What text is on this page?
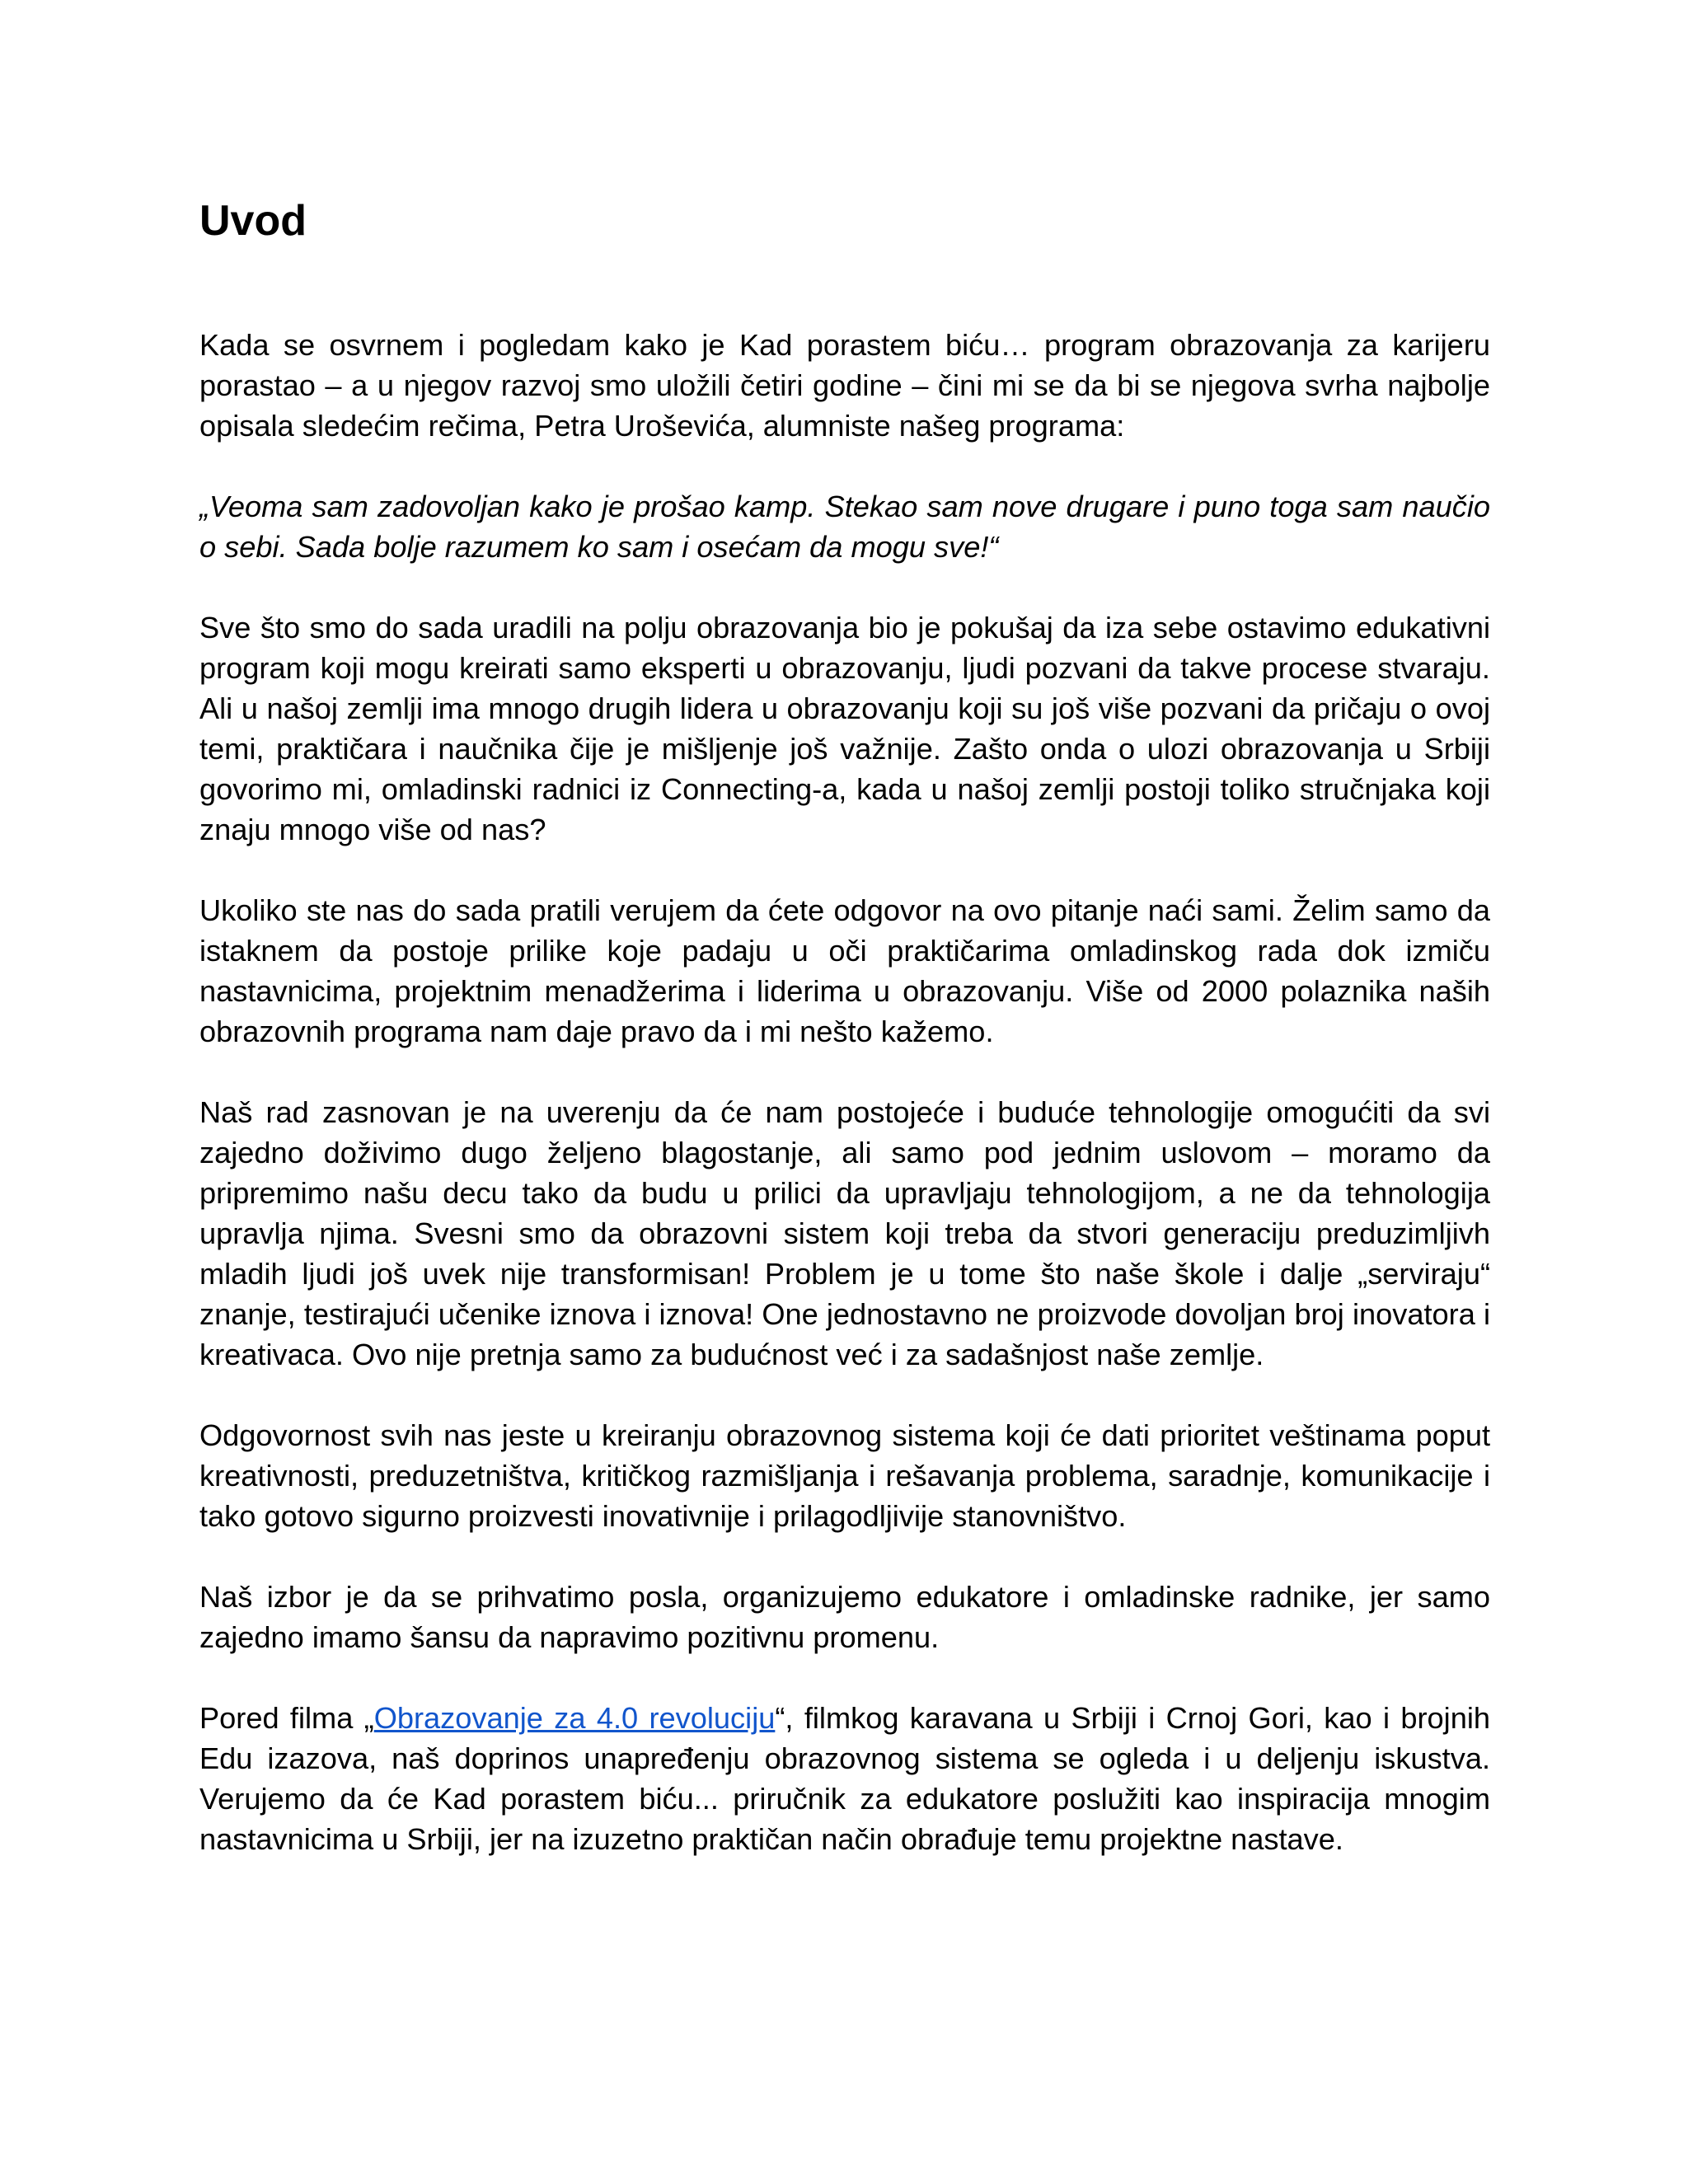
Uvod

Kada se osvrnem i pogledam kako je Kad porastem biću… program obrazovanja za karijeru porastao – a u njegov razvoj smo uložili četiri godine – čini mi se da bi se njegova svrha najbolje opisala sledećim rečima, Petra Uroševića, alumniste našeg programa:

„Veoma sam zadovoljan kako je prošao kamp. Stekao sam nove drugare i puno toga sam naučio o sebi. Sada bolje razumem ko sam i osećam da mogu sve!“

Sve što smo do sada uradili na polju obrazovanja bio je pokušaj da iza sebe ostavimo edukativni program koji mogu kreirati samo eksperti u obrazovanju, ljudi pozvani da takve procese stvaraju. Ali u našoj zemlji ima mnogo drugih lidera u obrazovanju koji su još više pozvani da pričaju o ovoj temi, praktičara i naučnika čije je mišljenje još važnije. Zašto onda o ulozi obrazovanja u Srbiji govorimo mi, omladinski radnici iz Connecting-a, kada u našoj zemlji postoji toliko stručnjaka koji znaju mnogo više od nas?

Ukoliko ste nas do sada pratili verujem da ćete odgovor na ovo pitanje naći sami. Želim samo da istaknem da postoje prilike koje padaju u oči praktičarima omladinskog rada dok izmiču nastavnicima, projektnim menadžerima i liderima u obrazovanju. Više od 2000 polaznika naših obrazovnih programa nam daje pravo da i mi nešto kažemo.

Naš rad zasnovan je na uverenju da će nam postojeće i buduće tehnologije omogućiti da svi zajedno doživimo dugo željeno blagostanje, ali samo pod jednim uslovom – moramo da pripremimo našu decu tako da budu u prilici da upravljaju tehnologijom, a ne da tehnologija upravlja njima. Svesni smo da obrazovni sistem koji treba da stvori generaciju preduzimljivh mladih ljudi još uvek nije transformisan! Problem je u tome što naše škole i dalje „serviraju“ znanje, testirajući učenike iznova i iznova! One jednostavno ne proizvode dovoljan broj inovatora i kreativaca. Ovo nije pretnja samo za budućnost već i za sadašnjost naše zemlje.

Odgovornost svih nas jeste u kreiranju obrazovnog sistema koji će dati prioritet veštinama poput kreativnosti, preduzetništva, kritičkog razmišljanja i rešavanja problema, saradnje, komunikacije i tako gotovo sigurno proizvesti inovativnije i prilagodljivije stanovništvo.

Naš izbor je da se prihvatimo posla, organizujemo edukatore i omladinske radnike, jer samo zajedno imamo šansu da napravimo pozitivnu promenu.

Pored filma „Obrazovanje za 4.0 revoluciju“, filmkog karavana u Srbiji i Crnoj Gori, kao i brojnih Edu izazova, naš doprinos unapređenju obrazovnog sistema se ogleda i u deljenju iskustva. Verujemo da će Kad porastem biću... priručnik za edukatore poslužiti kao inspiracija mnogim nastavnicima u Srbiji, jer na izuzetno praktičan način obrađuje temu projektne nastave.
